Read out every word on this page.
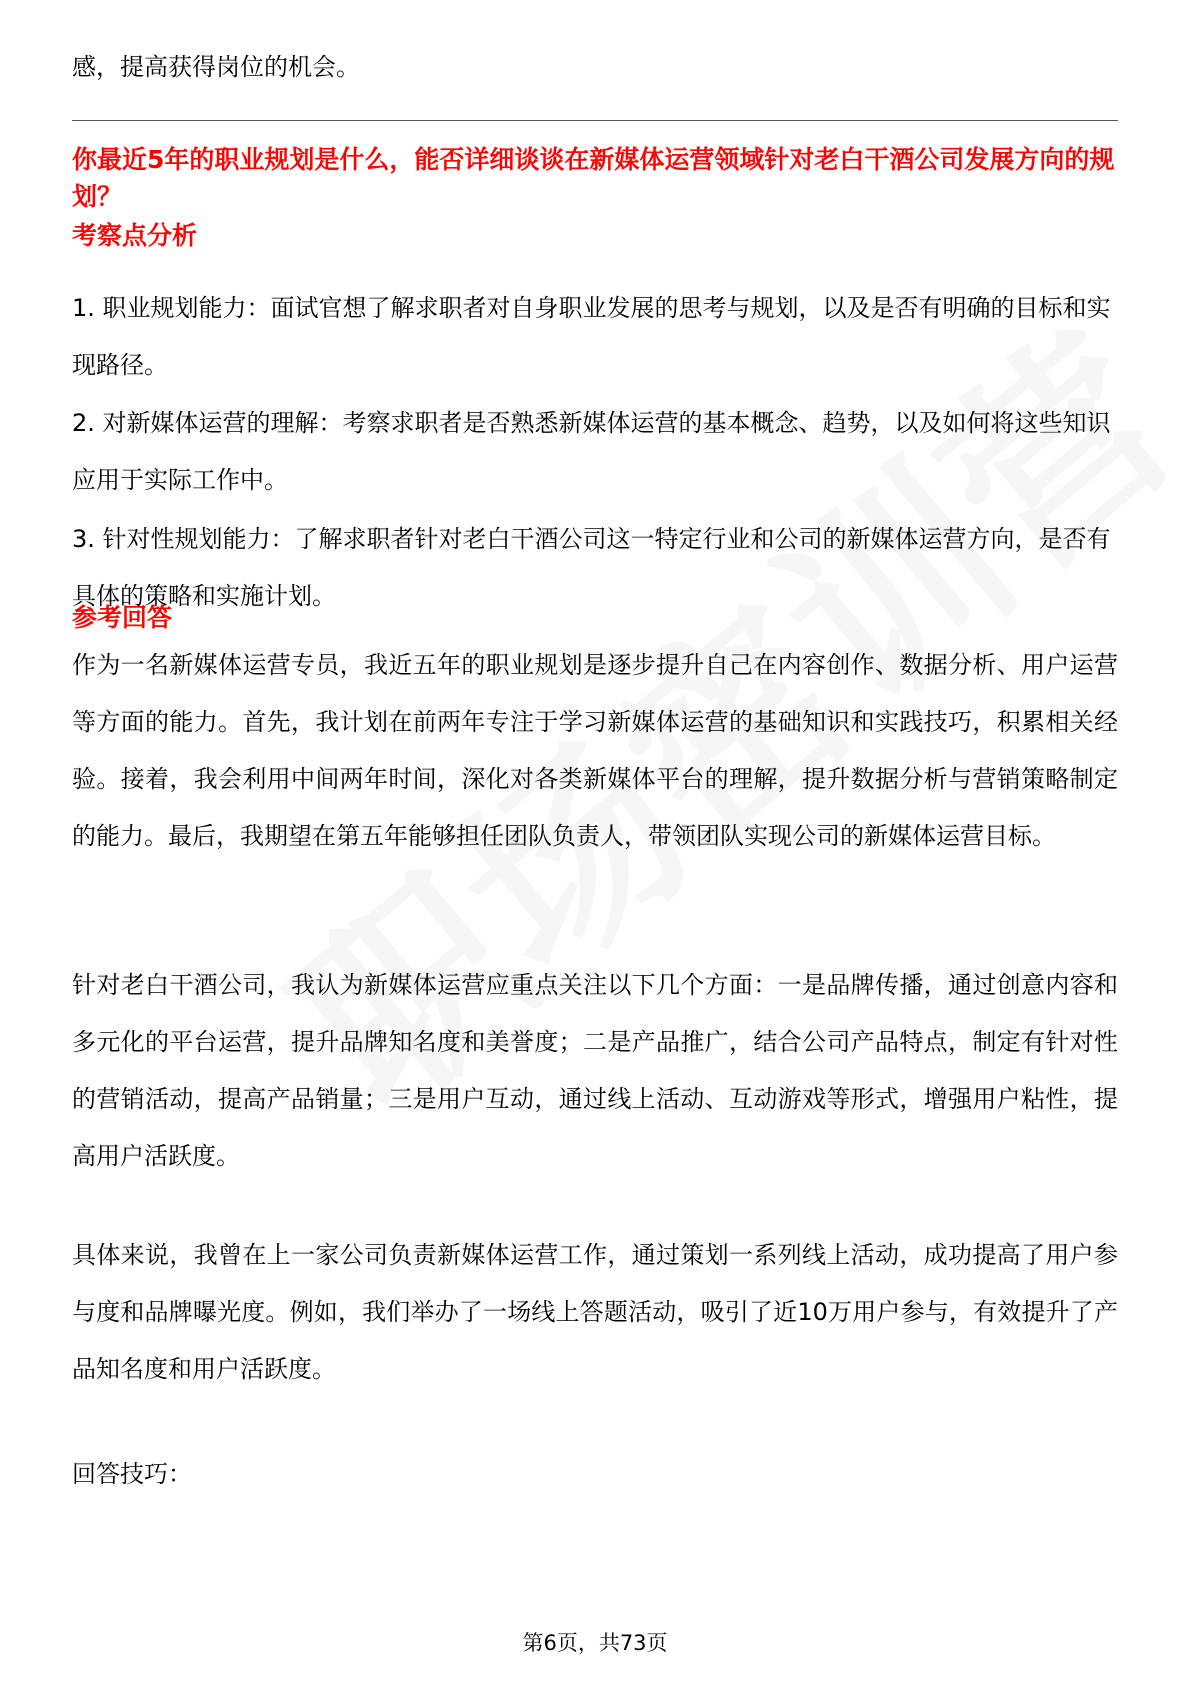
感，提高获得岗位的机会。

你最近5年的职业规划是什么，能否详细谈谈在新媒体运营领域针对老白干酒公司发展方向的规划？

考察点分析

1. 职业规划能力：面试官想了解求职者对自身职业发展的思考与规划，以及是否有明确的目标和实现路径。

2. 对新媒体运营的理解：考察求职者是否熟悉新媒体运营的基本概念、趋势，以及如何将这些知识应用于实际工作中。

3. 针对性规划能力：了解求职者针对老白干酒公司这一特定行业和公司的新媒体运营方向，是否有具体的策略和实施计划。

参考回答

作为一名新媒体运营专员，我近五年的职业规划是逐步提升自己在内容创作、数据分析、用户运营等方面的能力。首先，我计划在前两年专注于学习新媒体运营的基础知识和实践技巧，积累相关经验。接着，我会利用中间两年时间，深化对各类新媒体平台的理解，提升数据分析与营销策略制定的能力。最后，我期望在第五年能够担任团队负责人，带领团队实现公司的新媒体运营目标。

针对老白干酒公司，我认为新媒体运营应重点关注以下几个方面：一是品牌传播，通过创意内容和多元化的平台运营，提升品牌知名度和美誉度；二是产品推广，结合公司产品特点，制定有针对性的营销活动，提高产品销量；三是用户互动，通过线上活动、互动游戏等形式，增强用户粘性，提高用户活跃度。

具体来说，我曾在上一家公司负责新媒体运营工作，通过策划一系列线上活动，成功提高了用户参与度和品牌曝光度。例如，我们举办了一场线上答题活动，吸引了近10万用户参与，有效提升了产品知名度和用户活跃度。

回答技巧：

第6页，共73页
